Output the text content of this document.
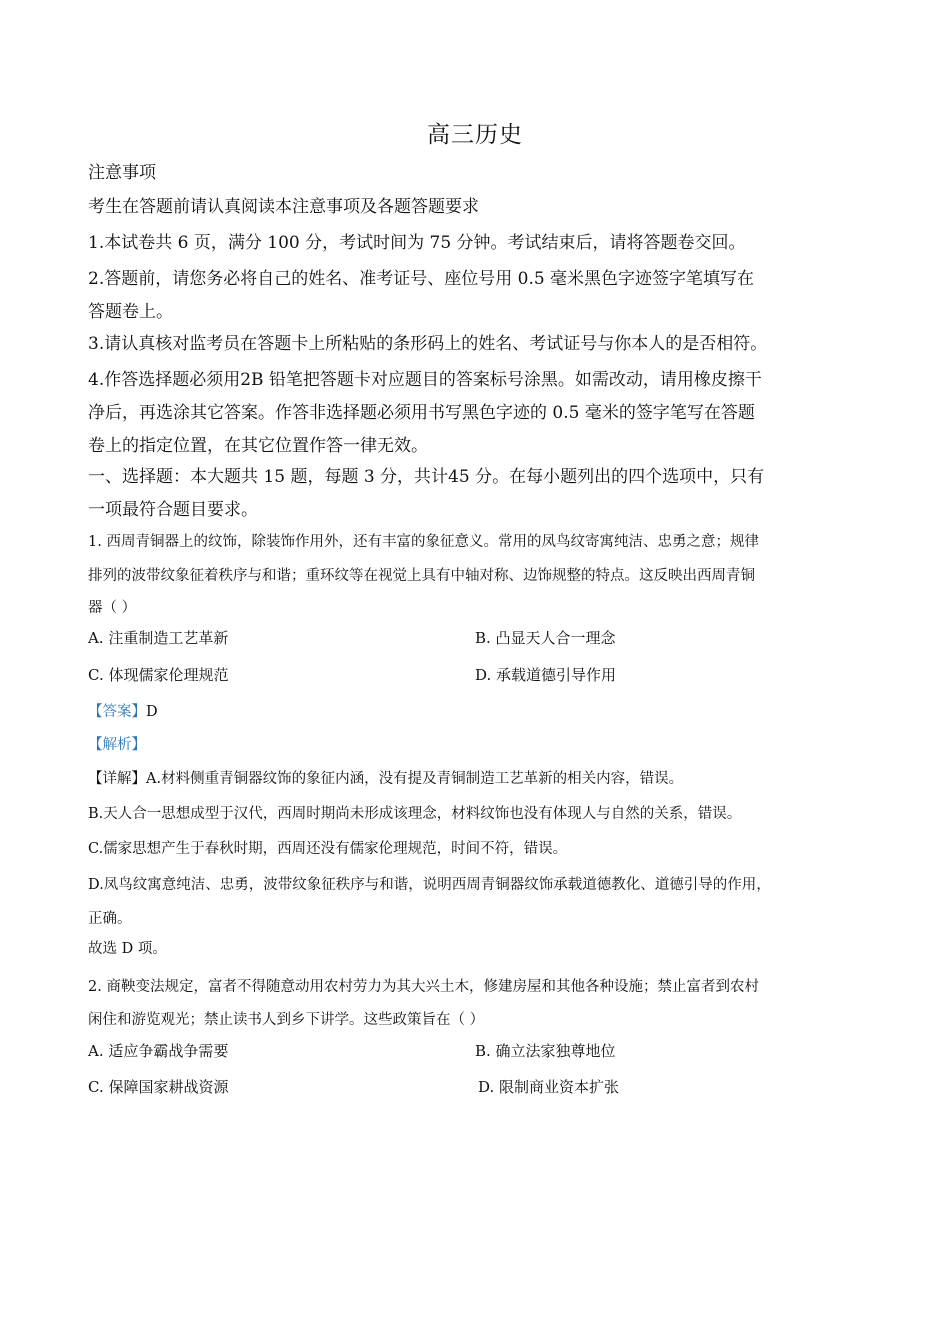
高三历史
注意事项
考生在答题前请认真阅读本注意事项及各题答题要求
1.本试卷共 6 页，满分 100 分，考试时间为 75 分钟。考试结束后，请将答题卷交回。
2.答题前，请您务必将自己的姓名、准考证号、座位号用 0.5 毫米黑色字迹签字笔填写在
答题卷上。
3.请认真核对监考员在答题卡上所粘贴的条形码上的姓名、考试证号与你本人的是否相符。
4.作答选择题必须用2B 铅笔把答题卡对应题目的答案标号涂黑。如需改动，请用橡皮擦干
净后，再选涂其它答案。作答非选择题必须用书写黑色字迹的 0.5 毫米的签字笔写在答题
卷上的指定位置，在其它位置作答一律无效。
一、选择题：本大题共 15 题，每题 3 分，共计45 分。在每小题列出的四个选项中，只有
一项最符合题目要求。
1. 西周青铜器上的纹饰，除装饰作用外，还有丰富的象征意义。常用的凤鸟纹寄寓纯洁、忠勇之意；规律
排列的波带纹象征着秩序与和谐；重环纹等在视觉上具有中轴对称、边饰规整的特点。这反映出西周青铜
器（ ）
A. 注重制造工艺革新	B. 凸显天人合一理念
C. 体现儒家伦理规范	D. 承载道德引导作用
【答案】D
【解析】
【详解】A.材料侧重青铜器纹饰的象征内涵，没有提及青铜制造工艺革新的相关内容，错误。
B.天人合一思想成型于汉代，西周时期尚未形成该理念，材料纹饰也没有体现人与自然的关系，错误。
C.儒家思想产生于春秋时期，西周还没有儒家伦理规范，时间不符，错误。
D.凤鸟纹寓意纯洁、忠勇，波带纹象征秩序与和谐，说明西周青铜器纹饰承载道德教化、道德引导的作用，
正确。
故选 D 项。
2. 商鞅变法规定，富者不得随意动用农村劳力为其大兴土木，修建房屋和其他各种设施；禁止富者到农村
闲住和游览观光；禁止读书人到乡下讲学。这些政策旨在（ ）
A. 适应争霸战争需要	B. 确立法家独尊地位
C. 保障国家耕战资源	D. 限制商业资本扩张
